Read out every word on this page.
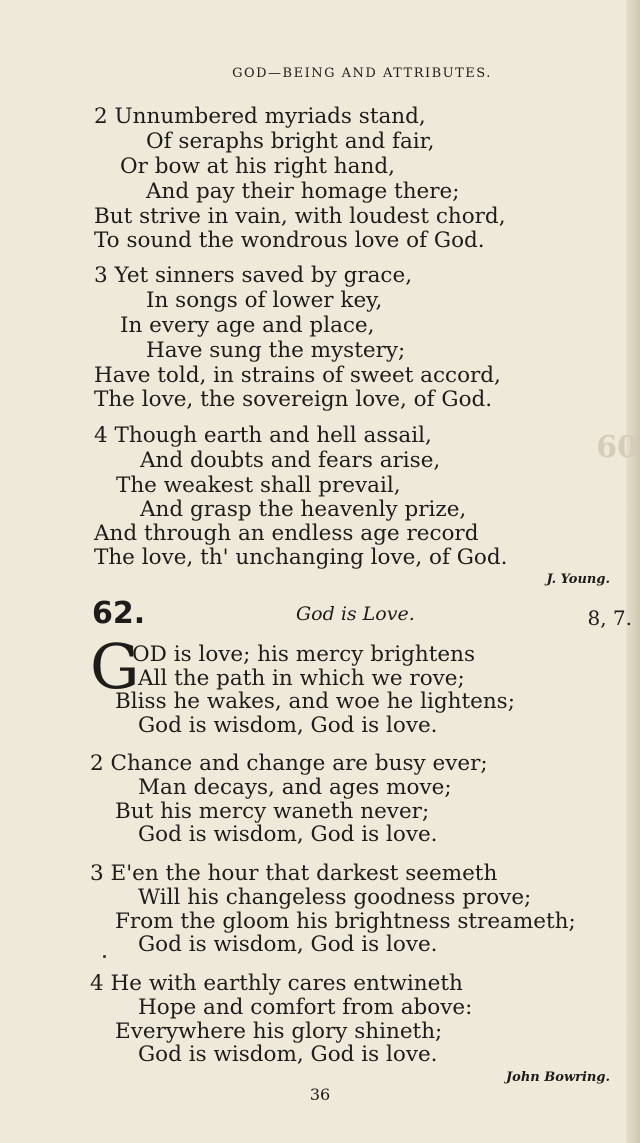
60
GOD—BEING AND ATTRIBUTES.
2 Unnumbered myriads stand,
Of seraphs bright and fair,
Or bow at his right hand,
And pay their homage there;
But strive in vain, with loudest chord,
To sound the wondrous love of God.
3 Yet sinners saved by grace,
In songs of lower key,
In every age and place,
Have sung the mystery;
Have told, in strains of sweet accord,
The love, the sovereign love, of God.
4 Though earth and hell assail,
And doubts and fears arise,
The weakest shall prevail,
And grasp the heavenly prize,
And through an endless age record
The love, th' unchanging love, of God.
J. Young.
62.	God is Love.	8, 7.
G
OD is love; his mercy brightens
All the path in which we rove;
Bliss he wakes, and woe he lightens;
God is wisdom, God is love.
2 Chance and change are busy ever;
Man decays, and ages move;
But his mercy waneth never;
God is wisdom, God is love.
3 E'en the hour that darkest seemeth
Will his changeless goodness prove;
From the gloom his brightness streameth;
God is wisdom, God is love.
4 He with earthly cares entwineth
Hope and comfort from above:
Everywhere his glory shineth;
God is wisdom, God is love.
John Bowring.
36
